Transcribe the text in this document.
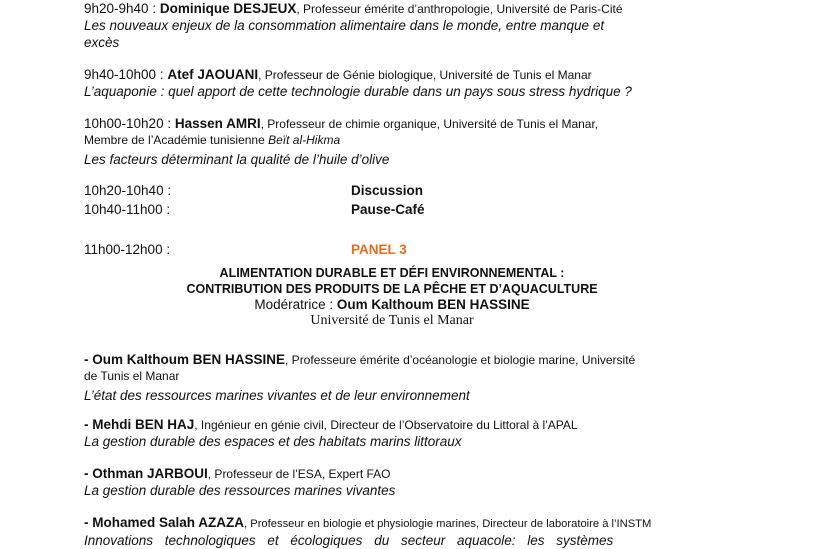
9h20-9h40 : Dominique DESJEUX, Professeur émérite d’anthropologie, Université de Paris-Cité
Les nouveaux enjeux de la consommation alimentaire dans le monde, entre manque et
excès
9h40-10h00 : Atef JAOUANI, Professeur de Génie biologique, Université de Tunis el Manar
L’aquaponie : quel apport de cette technologie durable dans un pays sous stress hydrique ?
10h00-10h20 : Hassen AMRI, Professeur de chimie organique, Université de Tunis el Manar,
Membre de l’Académie tunisienne Beït al-Hikma
Les facteurs déterminant la qualité de l’huile d’olive
10h20-10h40 :	Discussion
10h40-11h00 :	Pause-Café
11h00-12h00 :	PANEL 3
ALIMENTATION DURABLE ET DÉFI ENVIRONNEMENTAL :
CONTRIBUTION DES PRODUITS DE LA PÊCHE ET D’AQUACULTURE
Modératrice : Oum Kalthoum BEN HASSINE
Université de Tunis el Manar
- Oum Kalthoum BEN HASSINE, Professeure émérite d’océanologie et biologie marine, Université
de Tunis el Manar
L’état des ressources marines vivantes et de leur environnement
- Mehdi BEN HAJ, Ingénieur en génie civil, Directeur de l’Observatoire du Littoral à l’APAL
La gestion durable des espaces et des habitats marins littoraux
- Othman JARBOUI, Professeur de l’ESA, Expert FAO
La gestion durable des ressources marines vivantes
- Mohamed Salah AZAZA, Professeur en biologie et physiologie marines, Directeur de laboratoire à l’INSTM
Innovations technologiques et écologiques du secteur aquacole: les systèmes
